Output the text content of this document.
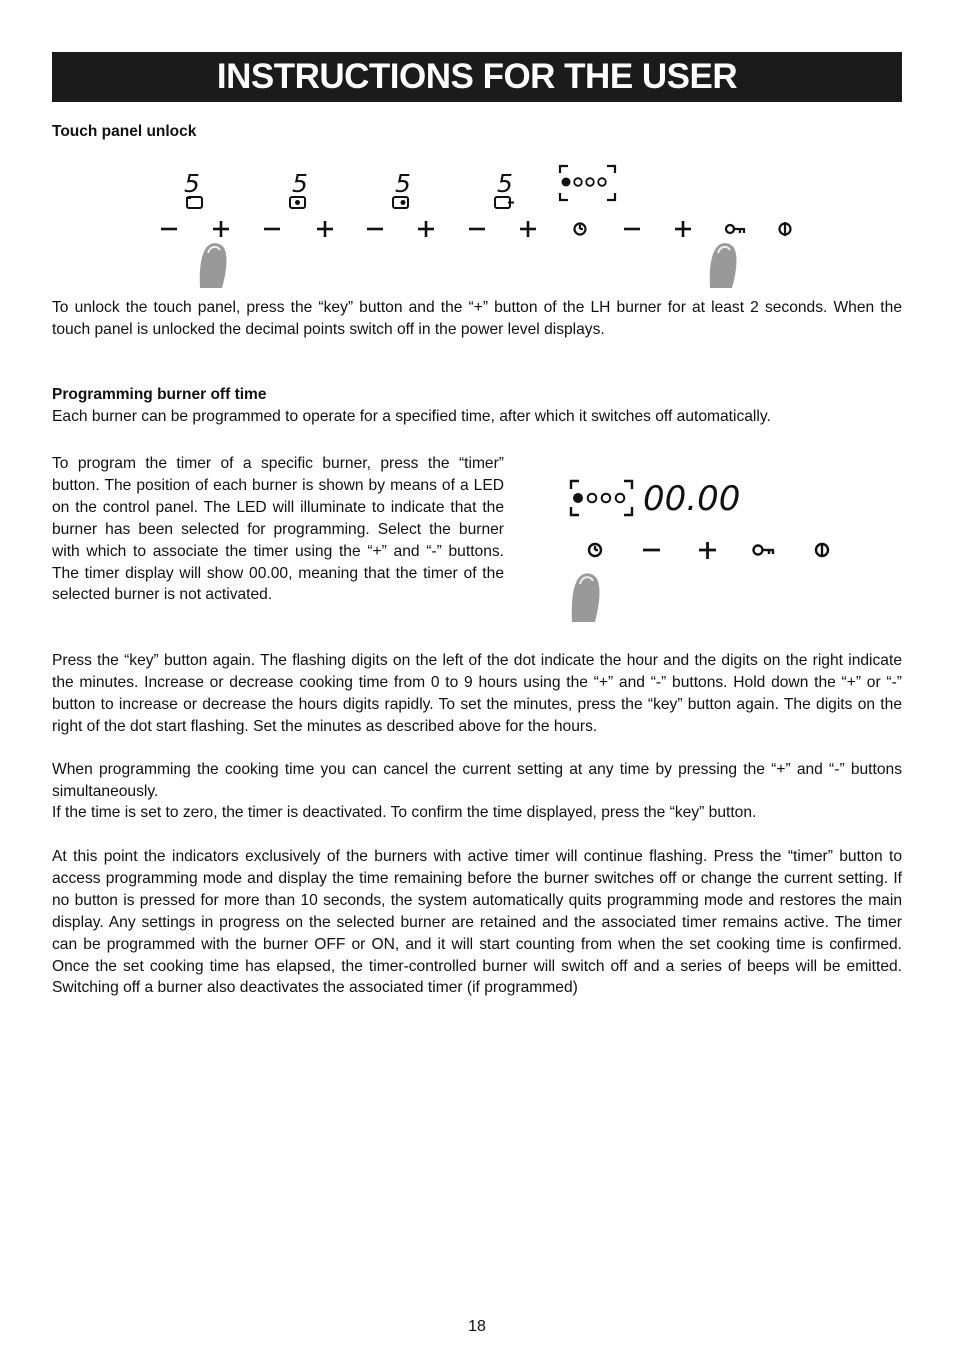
INSTRUCTIONS FOR THE USER
Touch panel unlock
5	5	5	5

To unlock the touch panel, press the “key” button and the “+” button of the LH burner for at least 2 seconds. When the touch panel is unlocked the decimal points switch off in the power level displays.

Programming burner off time

Each burner can be programmed to operate for a specified time, after which it switches off automatically.

To program the timer of a specific burner, press the “timer” button. The position of each burner is shown by means of a LED on the control panel. The LED will illuminate to indicate that the burner has been selected for programming. Select the burner with which to associate the timer using the “+” and “-” buttons. The timer display will show 00.00, meaning that the timer of the selected burner is not activated.

00.00

Press the “key” button again. The flashing digits on the left of the dot indicate the hour and the digits on the right indicate the minutes. Increase or decrease cooking time from 0 to 9 hours using the “+” and “-” buttons. Hold down the “+” or “-” button to increase or decrease the hours digits rapidly. To set the minutes, press the “key” button again. The digits on the right of the dot start flashing. Set the minutes as described above for the hours.

When programming the cooking time you can cancel the current setting at any time by pressing the “+” and “-” buttons simultaneously.

If the time is set to zero, the timer is deactivated. To confirm the time displayed, press the “key” button.

At this point the indicators exclusively of the burners with active timer will continue flashing. Press the “timer” button to access programming mode and display the time remaining before the burner switches off or change the current setting. If no button is pressed for more than 10 seconds, the system automatically quits programming mode and restores the main display. Any settings in progress on the selected burner are retained and the associated timer remains active. The timer can be programmed with the burner OFF or ON, and it will start counting from when the set cooking time is confirmed. Once the set cooking time has elapsed, the timer-controlled burner will switch off and a series of beeps will be emitted. Switching off a burner also deactivates the associated timer (if programmed)

18
